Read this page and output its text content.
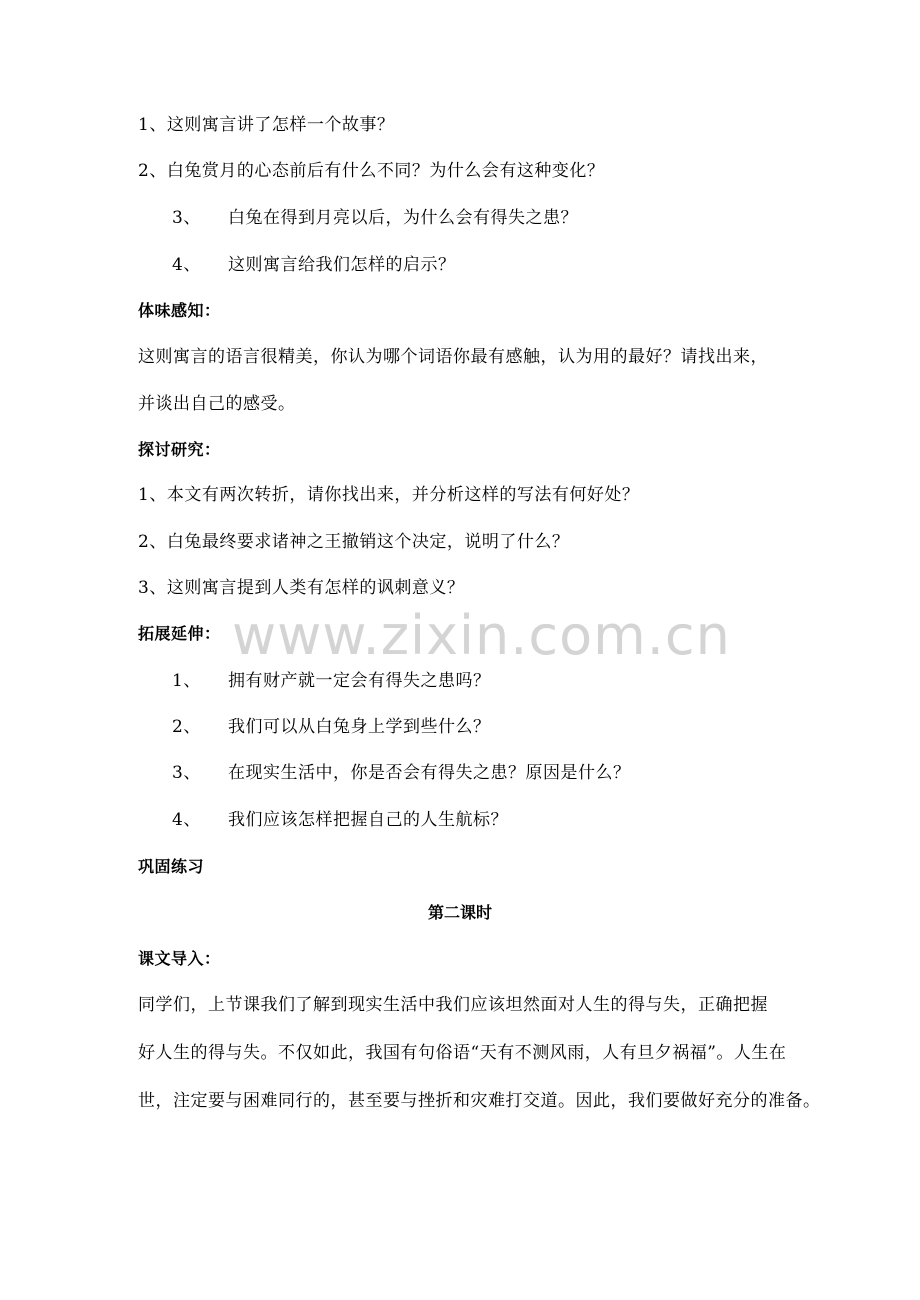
www.zixin.com.cn
1、这则寓言讲了怎样一个故事？
2、白兔赏月的心态前后有什么不同？为什么会有这种变化？
3、 白兔在得到月亮以后，为什么会有得失之患？
4、 这则寓言给我们怎样的启示？
体味感知：
这则寓言的语言很精美，你认为哪个词语你最有感触，认为用的最好？请找出来，
并谈出自己的感受。
探讨研究：
1、本文有两次转折，请你找出来，并分析这样的写法有何好处？
2、白兔最终要求诸神之王撤销这个决定，说明了什么？
3、这则寓言提到人类有怎样的讽刺意义？
拓展延伸：
1、 拥有财产就一定会有得失之患吗？
2、 我们可以从白兔身上学到些什么？
3、 在现实生活中，你是否会有得失之患？原因是什么？
4、 我们应该怎样把握自己的人生航标？
巩固练习
第二课时
课文导入：
同学们，上节课我们了解到现实生活中我们应该坦然面对人生的得与失，正确把握
好人生的得与失。不仅如此，我国有句俗语“天有不测风雨，人有旦夕祸福”。人生在
世，注定要与困难同行的，甚至要与挫折和灾难打交道。因此，我们要做好充分的准备。
